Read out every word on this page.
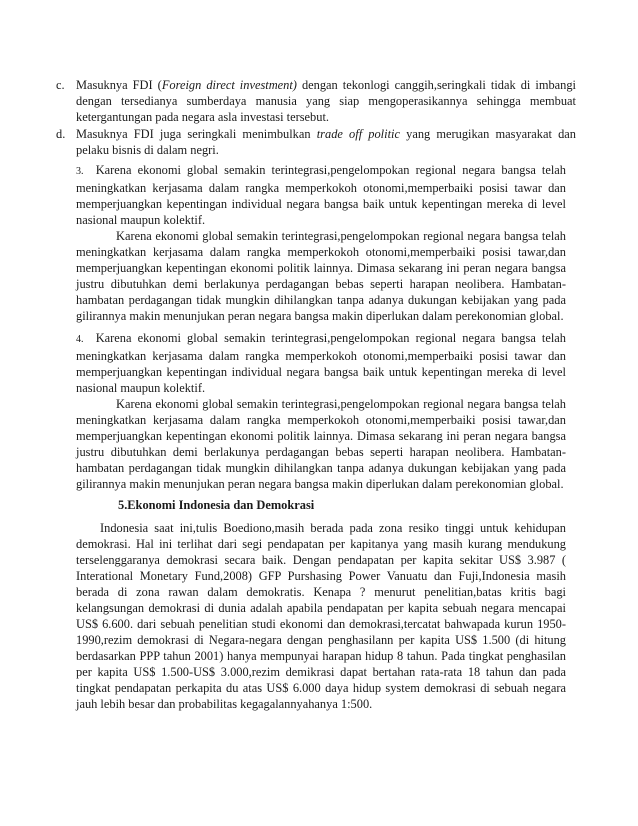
c. Masuknya FDI (Foreign direct investment) dengan tekonlogi canggih,seringkali tidak di imbangi dengan tersedianya sumberdaya manusia yang siap mengoperasikannya sehingga membuat ketergantungan pada negara asla investasi tersebut.
d. Masuknya FDI juga seringkali menimbulkan trade off politic yang merugikan masyarakat dan pelaku bisnis di dalam negri.

3. Karena ekonomi global semakin terintegrasi,pengelompokan regional negara bangsa telah meningkatkan kerjasama dalam rangka memperkokoh otonomi,memperbaiki posisi tawar dan memperjuangkan kepentingan individual negara bangsa baik untuk kepentingan mereka di level nasional maupun kolektif.

Karena ekonomi global semakin terintegrasi,pengelompokan regional negara bangsa telah meningkatkan kerjasama dalam rangka memperkokoh otonomi,memperbaiki posisi tawar,dan memperjuangkan kepentingan ekonomi politik lainnya. Dimasa sekarang ini peran negara bangsa justru dibutuhkan demi berlakunya perdagangan bebas seperti harapan neolibera. Hambatan-hambatan perdagangan tidak mungkin dihilangkan tanpa adanya dukungan kebijakan yang pada gilirannya makin menunjukan peran negara bangsa makin diperlukan dalam perekonomian global.

4. Karena ekonomi global semakin terintegrasi,pengelompokan regional negara bangsa telah meningkatkan kerjasama dalam rangka memperkokoh otonomi,memperbaiki posisi tawar dan memperjuangkan kepentingan individual negara bangsa baik untuk kepentingan mereka di level nasional maupun kolektif.

Karena ekonomi global semakin terintegrasi,pengelompokan regional negara bangsa telah meningkatkan kerjasama dalam rangka memperkokoh otonomi,memperbaiki posisi tawar,dan memperjuangkan kepentingan ekonomi politik lainnya. Dimasa sekarang ini peran negara bangsa justru dibutuhkan demi berlakunya perdagangan bebas seperti harapan neolibera. Hambatan-hambatan perdagangan tidak mungkin dihilangkan tanpa adanya dukungan kebijakan yang pada gilirannya makin menunjukan peran negara bangsa makin diperlukan dalam perekonomian global.

5.Ekonomi Indonesia dan Demokrasi

Indonesia saat ini,tulis Boediono,masih berada pada zona resiko tinggi untuk kehidupan demokrasi. Hal ini terlihat dari segi pendapatan per kapitanya yang masih kurang mendukung terselenggaranya demokrasi secara baik. Dengan pendapatan per kapita sekitar US$ 3.987 ( Interational Monetary Fund,2008) GFP Purshasing Power Vanuatu dan Fuji,Indonesia masih berada di zona rawan dalam demokratis. Kenapa ? menurut penelitian,batas kritis bagi kelangsungan demokrasi di dunia adalah apabila pendapatan per kapita sebuah negara mencapai US$ 6.600. dari sebuah penelitian studi ekonomi dan demokrasi,tercatat bahwapada kurun 1950-1990,rezim demokrasi di Negara-negara dengan penghasilann per kapita US$ 1.500 (di hitung berdasarkan PPP tahun 2001) hanya mempunyai harapan hidup 8 tahun. Pada tingkat penghasilan per kapita US$ 1.500-US$ 3.000,rezim demikrasi dapat bertahan rata-rata 18 tahun dan pada tingkat pendapatan perkapita du atas US$ 6.000 daya hidup system demokrasi di sebuah negara jauh lebih besar dan probabilitas kegagalannyahanya 1:500.
